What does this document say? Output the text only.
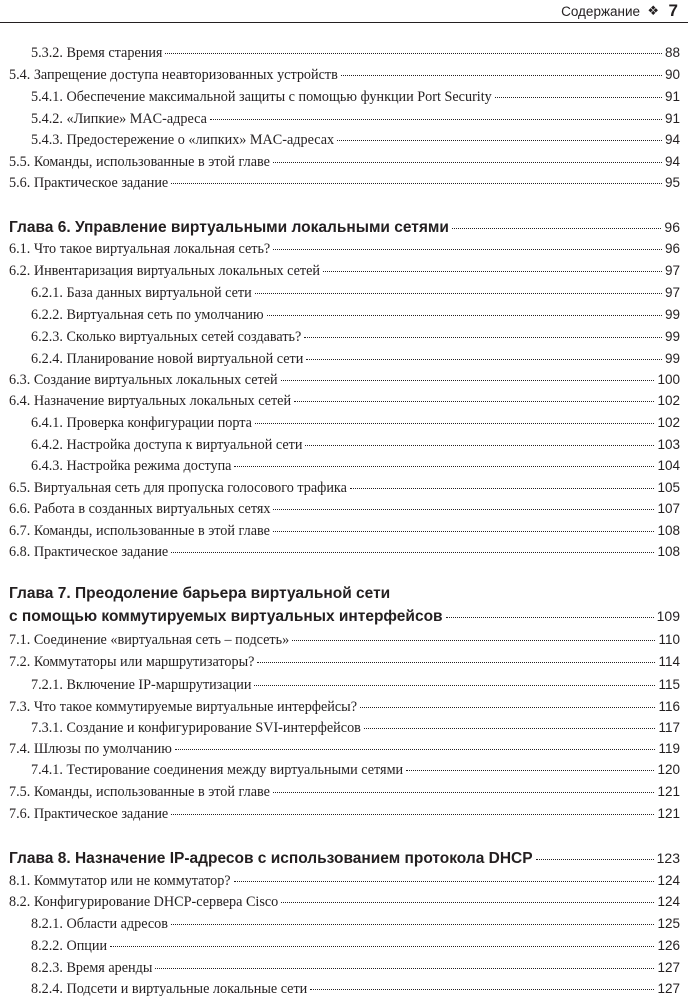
Содержание ❖ 7
5.3.2. Время старения	88
5.4. Запрещение доступа неавторизованных устройств	90
5.4.1. Обеспечение максимальной защиты с помощью функции Port Security	91
5.4.2. «Липкие» MAC-адреса	91
5.4.3. Предостережение о «липких» MAC-адресах	94
5.5. Команды, использованные в этой главе	94
5.6. Практическое задание	95
Глава 6. Управление виртуальными локальными сетями	96
6.1. Что такое виртуальная локальная сеть?	96
6.2. Инвентаризация виртуальных локальных сетей	97
6.2.1. База данных виртуальной сети	97
6.2.2. Виртуальная сеть по умолчанию	99
6.2.3. Сколько виртуальных сетей создавать?	99
6.2.4. Планирование новой виртуальной сети	99
6.3. Создание виртуальных локальных сетей	100
6.4. Назначение виртуальных локальных сетей	102
6.4.1. Проверка конфигурации порта	102
6.4.2. Настройка доступа к виртуальной сети	103
6.4.3. Настройка режима доступа	104
6.5. Виртуальная сеть для пропуска голосового трафика	105
6.6. Работа в созданных виртуальных сетях	107
6.7. Команды, использованные в этой главе	108
6.8. Практическое задание	108
Глава 7. Преодоление барьера виртуальной сети
с помощью коммутируемых виртуальных интерфейсов	109
7.1. Соединение «виртуальная сеть – подсеть»	110
7.2. Коммутаторы или маршрутизаторы?	114
7.2.1. Включение IP-маршрутизации	115
7.3. Что такое коммутируемые виртуальные интерфейсы?	116
7.3.1. Создание и конфигурирование SVI-интерфейсов	117
7.4. Шлюзы по умолчанию	119
7.4.1. Тестирование соединения между виртуальными сетями	120
7.5. Команды, использованные в этой главе	121
7.6. Практическое задание	121
Глава 8. Назначение IP-адресов с использованием протокола DHCP	123
8.1. Коммутатор или не коммутатор?	124
8.2. Конфигурирование DHCP-сервера Cisco	124
8.2.1. Области адресов	125
8.2.2. Опции	126
8.2.3. Время аренды	127
8.2.4. Подсети и виртуальные локальные сети	127
